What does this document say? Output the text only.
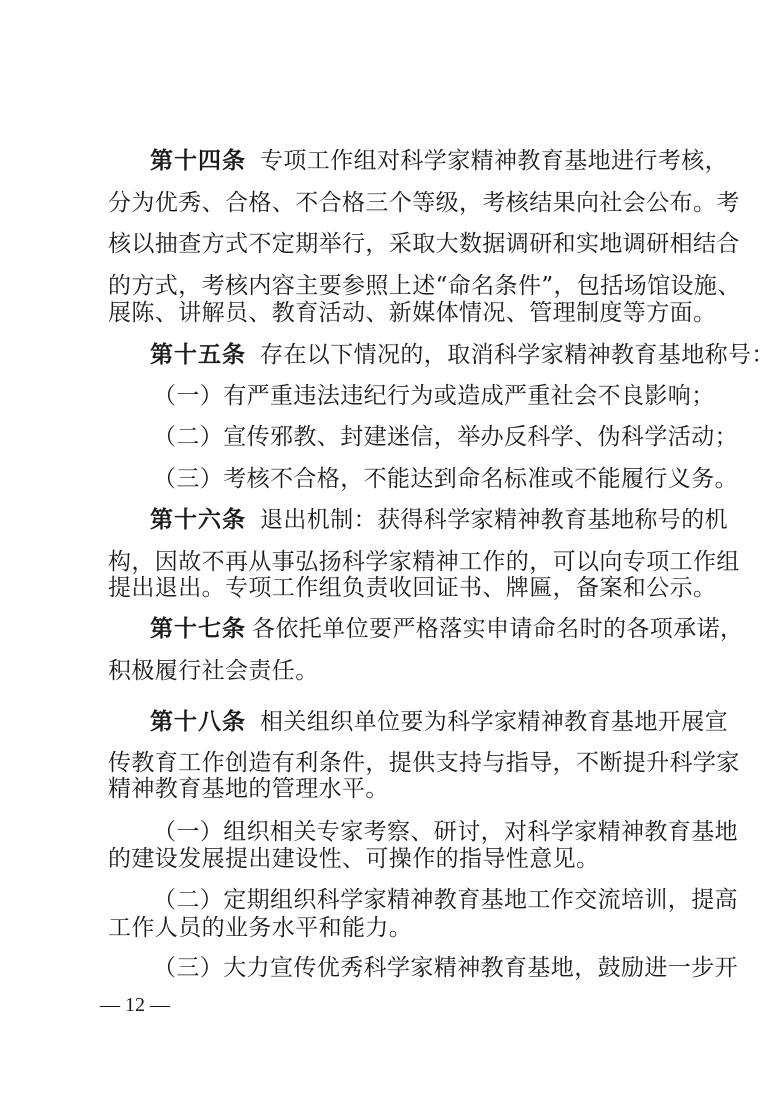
第十四条 专项工作组对科学家精神教育基地进行考核，
分为优秀、合格、不合格三个等级，考核结果向社会公布。考
核以抽查方式不定期举行，采取大数据调研和实地调研相结合
的方式，考核内容主要参照上述“命名条件”，包括场馆设施、
展陈、讲解员、教育活动、新媒体情况、管理制度等方面。
第十五条 存在以下情况的，取消科学家精神教育基地称号：
（一）有严重违法违纪行为或造成严重社会不良影响；
（二）宣传邪教、封建迷信，举办反科学、伪科学活动；
（三）考核不合格，不能达到命名标准或不能履行义务。
第十六条 退出机制：获得科学家精神教育基地称号的机
构，因故不再从事弘扬科学家精神工作的，可以向专项工作组
提出退出。专项工作组负责收回证书、牌匾，备案和公示。
第十七条 各依托单位要严格落实申请命名时的各项承诺，
积极履行社会责任。
第十八条 相关组织单位要为科学家精神教育基地开展宣
传教育工作创造有利条件，提供支持与指导，不断提升科学家
精神教育基地的管理水平。
（一）组织相关专家考察、研讨，对科学家精神教育基地
的建设发展提出建设性、可操作的指导性意见。
（二）定期组织科学家精神教育基地工作交流培训，提高
工作人员的业务水平和能力。
（三）大力宣传优秀科学家精神教育基地，鼓励进一步开
— 12 —
